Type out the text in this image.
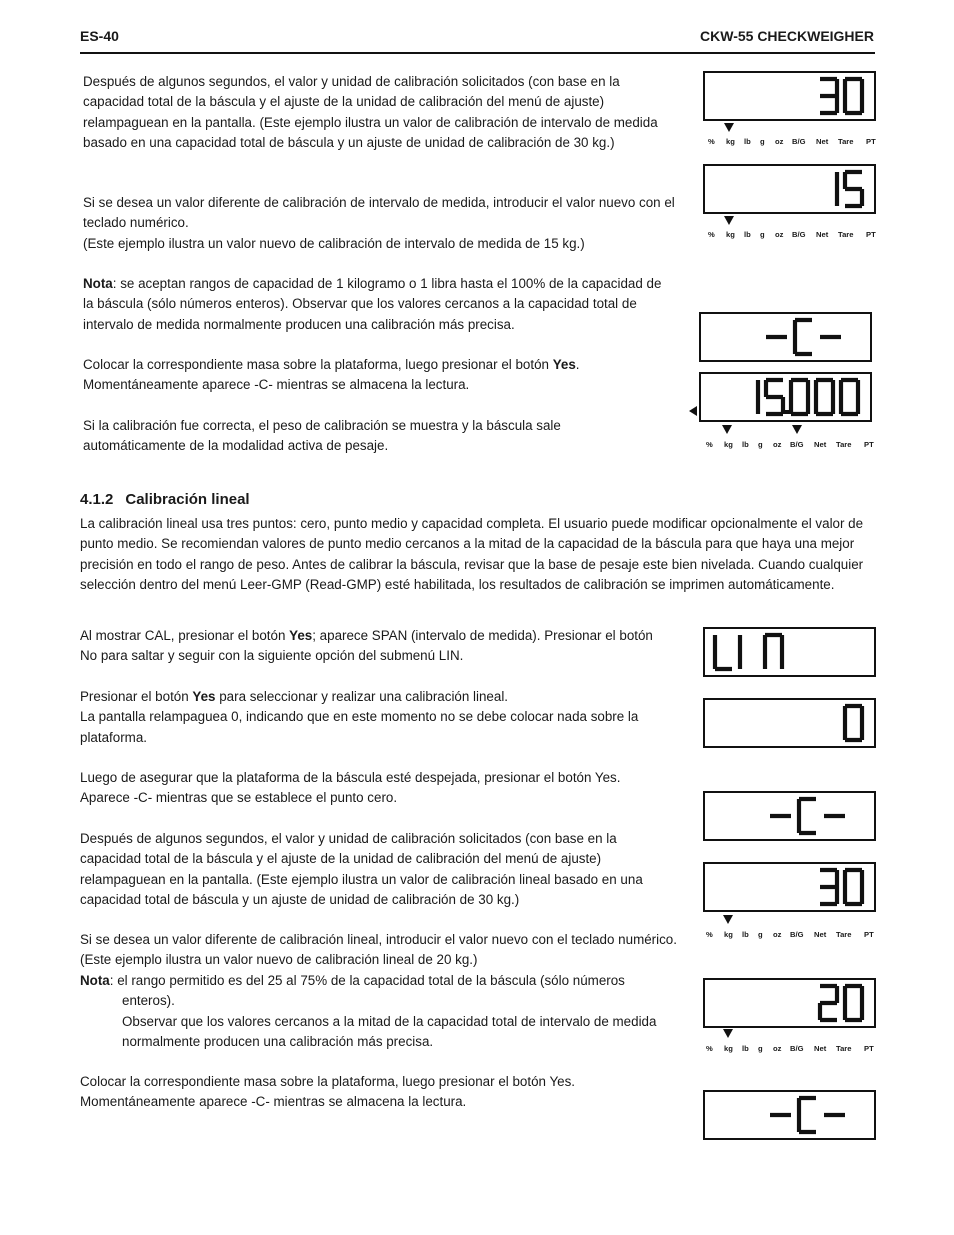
ES-40	CKW-55 CHECKWEIGHER

Después de algunos segundos, el valor y unidad de calibración solicitados (con base en la capacidad total de la báscula y el ajuste de la unidad de calibración del menú de ajuste) relampaguean en la pantalla. (Este ejemplo ilustra un valor de calibración de intervalo de medida basado en una capacidad total de báscula y un ajuste de unidad de calibración de 30 kg.)

Si se desea un valor diferente de calibración de intervalo de medida, introducir el valor nuevo con el teclado numérico.
(Este ejemplo ilustra un valor nuevo de calibración de intervalo de medida de 15 kg.)

Nota: se aceptan rangos de capacidad de 1 kilogramo o 1 libra hasta el 100% de la capacidad de la báscula (sólo números enteros). Observar que los valores cercanos a la capacidad total de intervalo de medida normalmente producen una calibración más precisa.

Colocar la correspondiente masa sobre la plataforma, luego presionar el botón Yes.
Momentáneamente aparece -C- mientras se almacena la lectura.

Si la calibración fue correcta, el peso de calibración se muestra y la báscula sale automáticamente de la modalidad activa de pesaje.

4.1.2 Calibración lineal

La calibración lineal usa tres puntos: cero, punto medio y capacidad completa. El usuario puede modificar opcionalmente el valor de punto medio. Se recomiendan valores de punto medio cercanos a la mitad de la capacidad de la báscula para que haya una mejor precisión en todo el rango de peso. Antes de calibrar la báscula, revisar que la base de pesaje este bien nivelada. Cuando cualquier selección dentro del menú Leer-GMP (Read-GMP) esté habilitada, los resultados de calibración se imprimen automáticamente.

Al mostrar CAL, presionar el botón Yes; aparece SPAN (intervalo de medida). Presionar el botón No para saltar y seguir con la siguiente opción del submenú LIN.

Presionar el botón Yes para seleccionar y realizar una calibración lineal.
La pantalla relampaguea 0, indicando que en este momento no se debe colocar nada sobre la plataforma.

Luego de asegurar que la plataforma de la báscula esté despejada, presionar el botón Yes. Aparece -C- mientras que se establece el punto cero.

Después de algunos segundos, el valor y unidad de calibración solicitados (con base en la capacidad total de la báscula y el ajuste de la unidad de calibración del menú de ajuste) relampaguean en la pantalla. (Este ejemplo ilustra un valor de calibración lineal basado en una capacidad total de báscula y un ajuste de unidad de calibración de 30 kg.)

Si se desea un valor diferente de calibración lineal, introducir el valor nuevo con el teclado numérico. (Este ejemplo ilustra un valor nuevo de calibración lineal de 20 kg.)

Nota: el rango permitido es del 25 al 75% de la capacidad total de la báscula (sólo números enteros).
Observar que los valores cercanos a la mitad de la capacidad total de intervalo de medida normalmente producen una calibración más precisa.

Colocar la correspondiente masa sobre la plataforma, luego presionar el botón Yes. Momentáneamente aparece -C- mientras se almacena la lectura.

% kg lb g oz B/G Net Tare PT
% kg lb g oz B/G Net Tare PT
% kg lb g oz B/G Net Tare PT
% kg lb g oz B/G Net Tare PT
% kg lb g oz B/G Net Tare PT
